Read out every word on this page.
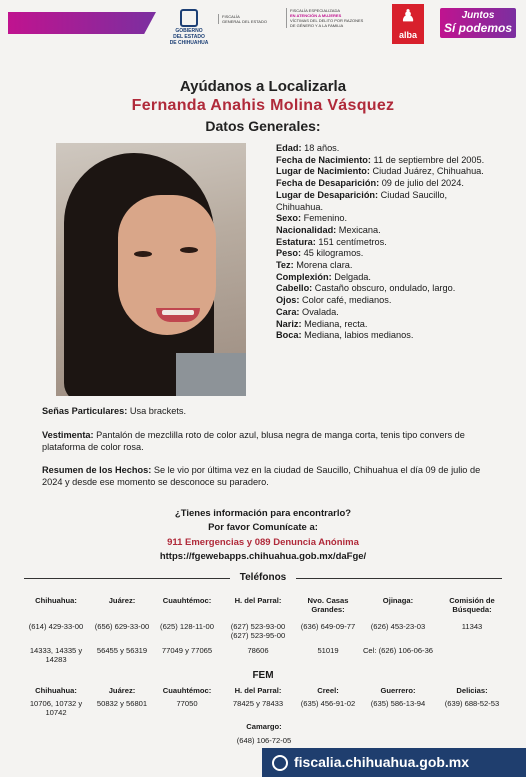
GOBIERNO
DEL ESTADO
DE CHIHUAHUA
FISCALÍA
GENERAL DEL ESTADO
FISCALÍA ESPECIALIZADA
EN ATENCIÓN A MUJERES
VÍCTIMAS DEL DELITO POR RAZONES
DE GÉNERO Y A LA FAMILIA
♟
alba
Juntos
Sí podemos
Ayúdanos a Localizarla
Fernanda Anahis Molina Vásquez
Datos Generales:
Edad: 18 años.
Fecha de Nacimiento: 11 de septiembre del 2005.
Lugar de Nacimiento: Ciudad Juárez, Chihuahua.
Fecha de Desaparición: 09 de julio del 2024.
Lugar de Desaparición: Ciudad Saucillo, Chihuahua.
Sexo: Femenino.
Nacionalidad: Mexicana.
Estatura: 151 centímetros.
Peso: 45 kilogramos.
Tez: Morena clara.
Complexión: Delgada.
Cabello: Castaño obscuro, ondulado, largo.
Ojos: Color café, medianos.
Cara: Ovalada.
Nariz: Mediana, recta.
Boca: Mediana, labios medianos.
Señas Particulares: Usa brackets.
Vestimenta: Pantalón de mezclilla roto de color azul, blusa negra de manga corta, tenis tipo convers de plataforma de color rosa.
Resumen de los Hechos: Se le vio por última vez en la ciudad de Saucillo, Chihuahua el día 09 de julio de 2024 y desde ese momento se desconoce su paradero.
¿Tienes información para encontrarlo?
Por favor Comunícate a:
911 Emergencias y 089 Denuncia Anónima
https://fgewebapps.chihuahua.gob.mx/daFge/
Teléfonos
Chihuahua:	Juárez:	Cuauhtémoc:	H. del Parral:	Nvo. Casas Grandes:	Ojinaga:	Comisión de Búsqueda:
(614) 429-33-00	(656) 629-33-00	(625) 128-11-00	(627) 523-93-00 (627) 523-95-00	(636) 649-09-77	(626) 453-23-03	11343
14333, 14335 y 14283	56455 y 56319	77049 y 77065	78606	51019	Cel: (626) 106-06-36	
FEM
Chihuahua:	Juárez:	Cuauhtémoc:	H. del Parral:	Creel:	Guerrero:	Delicias:
10706, 10732 y 10742	50832 y 56801	77050	78425 y 78433	(635) 456-91-02	(635) 586-13-94	(639) 688-52-53
Camargo:
(648) 106-72-05
fiscalia.chihuahua.gob.mx
